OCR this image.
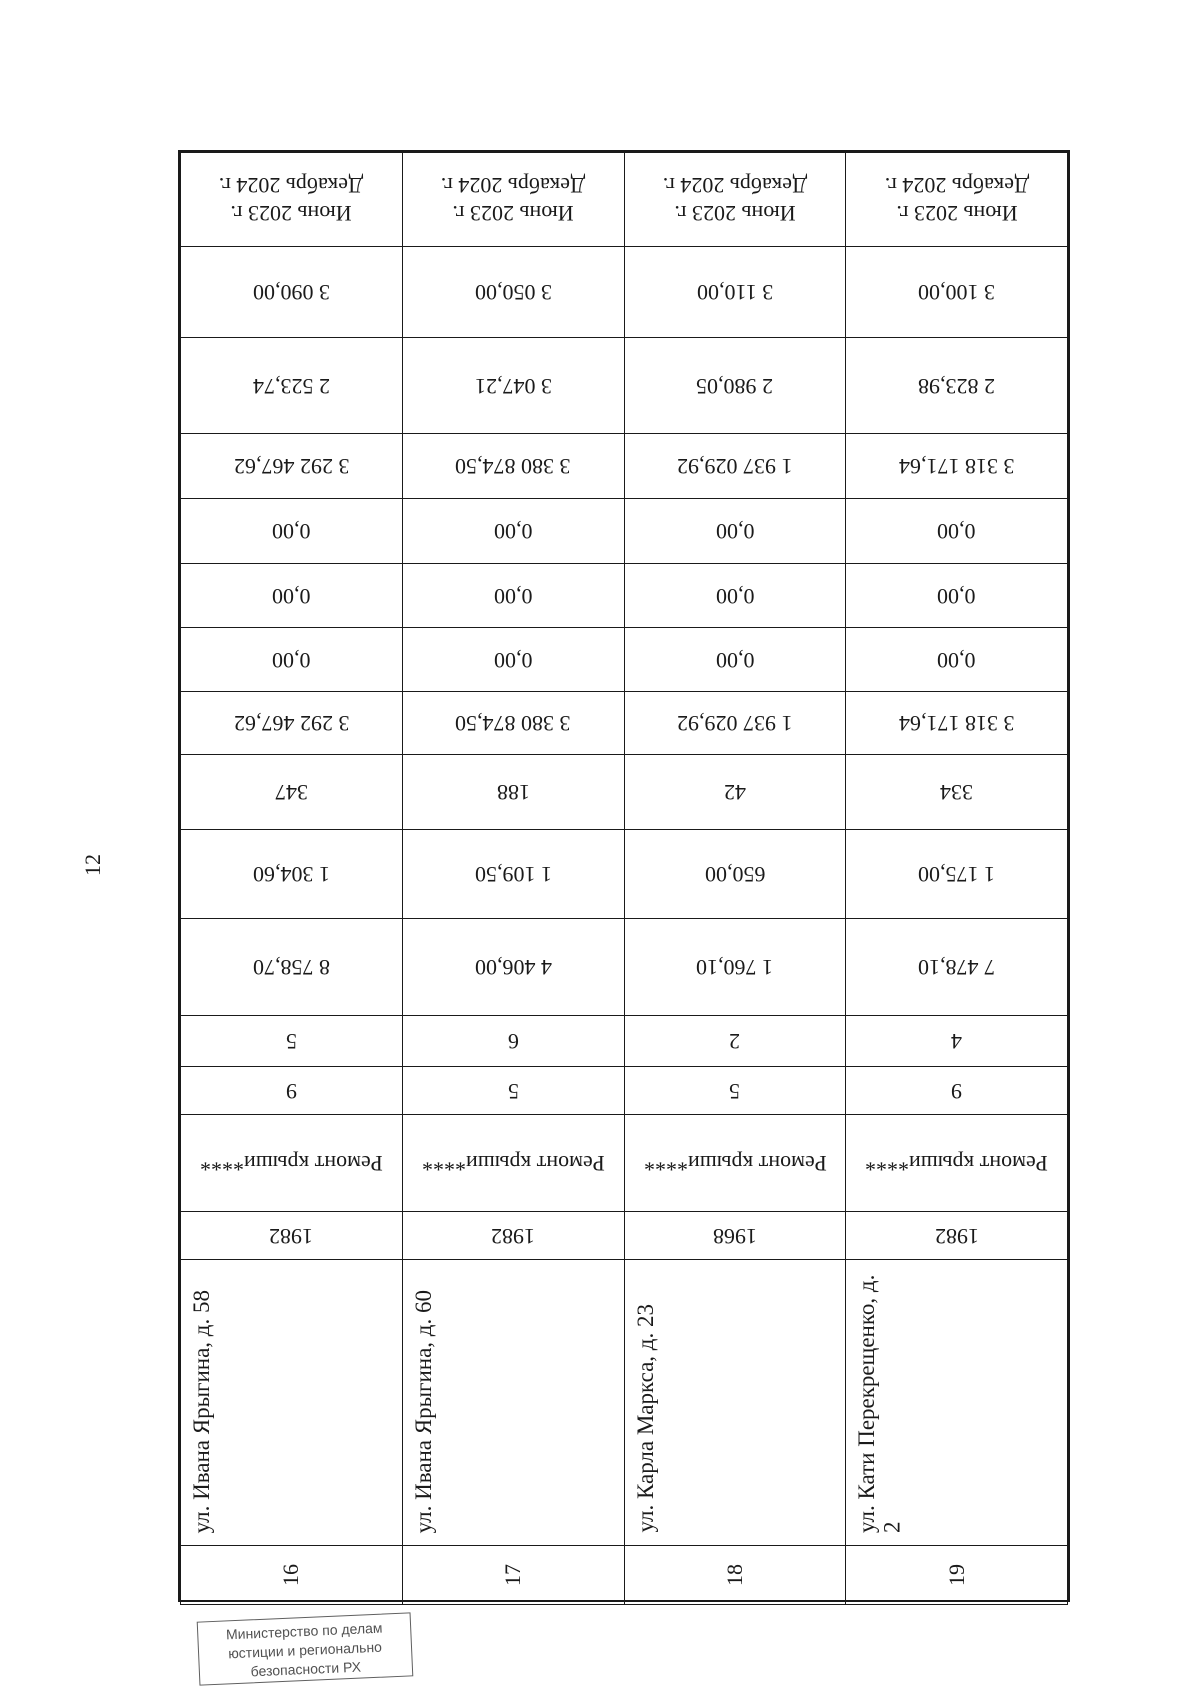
12
Июнь 2023 г. Декабрь 2024 г.	Июнь 2023 г. Декабрь 2024 г.	Июнь 2023 г. Декабрь 2024 г.	Июнь 2023 г. Декабрь 2024 г.
3 090,00	3 050,00	3 110,00	3 100,00
2 523,74	3 047,21	2 980,05	2 823,98
3 292 467,62	3 380 874,50	1 937 029,92	3 318 171,64
0,00	0,00	0,00	0,00
0,00	0,00	0,00	0,00
0,00	0,00	0,00	0,00
3 292 467,62	3 380 874,50	1 937 029,92	3 318 171,64
347	188	42	334
1 304,60	1 109,50	650,00	1 175,00
8 758,70	4 406,00	1 760,10	7 478,10
5	6	2	4
9	5	5	9
Ремонт крыши****	Ремонт крыши****	Ремонт крыши****	Ремонт крыши****
1982	1982	1968	1982
ул. Ивана Ярыгина, д. 58	ул. Ивана Ярыгина, д. 60	ул. Карла Маркса, д. 23	ул. Кати Перекрещенко, д. 2
16	17	18	19
Министерство по делам
юстиции и регионально
безопасности РХ
